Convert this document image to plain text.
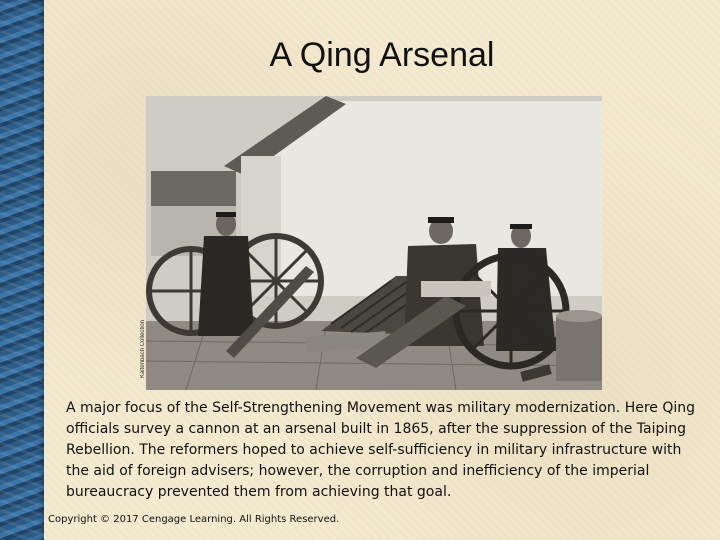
A Qing Arsenal
Kaltenbach Collection
A major focus of the Self-Strengthening Movement was military modernization. Here Qing officials survey a cannon at an arsenal built in 1865, after the suppression of the Taiping Rebellion. The reformers hoped to achieve self-sufficiency in military infrastructure with the aid of foreign advisers; however, the corruption and inefficiency of the imperial bureaucracy prevented them from achieving that goal.
Copyright © 2017 Cengage Learning. All Rights Reserved.
